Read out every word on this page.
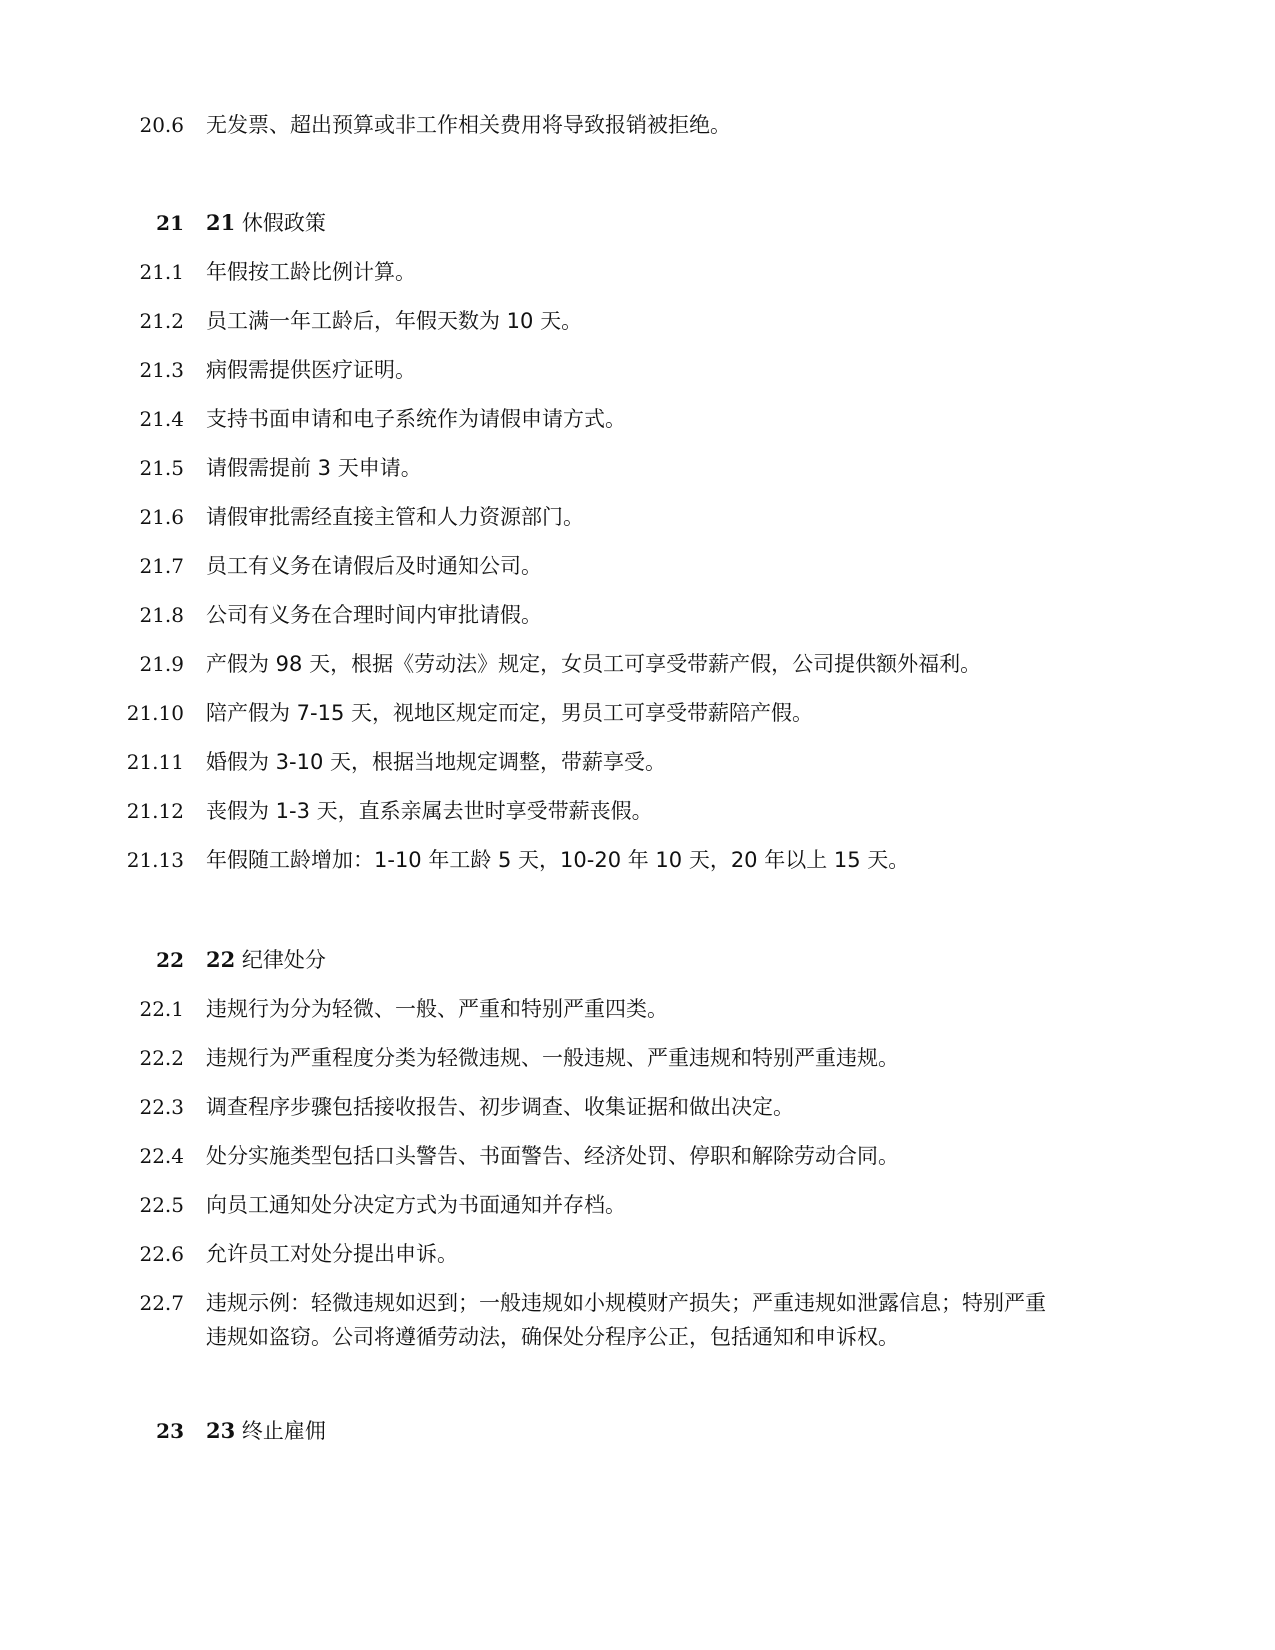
20.6 无发票、超出预算或非工作相关费用将导致报销被拒绝。
21 21 休假政策
21.1 年假按工龄比例计算。
21.2 员工满一年工龄后，年假天数为 10 天。
21.3 病假需提供医疗证明。
21.4 支持书面申请和电子系统作为请假申请方式。
21.5 请假需提前 3 天申请。
21.6 请假审批需经直接主管和人力资源部门。
21.7 员工有义务在请假后及时通知公司。
21.8 公司有义务在合理时间内审批请假。
21.9 产假为 98 天，根据《劳动法》规定，女员工可享受带薪产假，公司提供额外福利。
21.10 陪产假为 7-15 天，视地区规定而定，男员工可享受带薪陪产假。
21.11 婚假为 3-10 天，根据当地规定调整，带薪享受。
21.12 丧假为 1-3 天，直系亲属去世时享受带薪丧假。
21.13 年假随工龄增加：1-10 年工龄 5 天，10-20 年 10 天，20 年以上 15 天。
22 22 纪律处分
22.1 违规行为分为轻微、一般、严重和特别严重四类。
22.2 违规行为严重程度分类为轻微违规、一般违规、严重违规和特别严重违规。
22.3 调查程序步骤包括接收报告、初步调查、收集证据和做出决定。
22.4 处分实施类型包括口头警告、书面警告、经济处罚、停职和解除劳动合同。
22.5 向员工通知处分决定方式为书面通知并存档。
22.6 允许员工对处分提出申诉。
22.7 违规示例：轻微违规如迟到；一般违规如小规模财产损失；严重违规如泄露信息；特别严重
违规如盗窃。公司将遵循劳动法，确保处分程序公正，包括通知和申诉权。
23 23 终止雇佣
